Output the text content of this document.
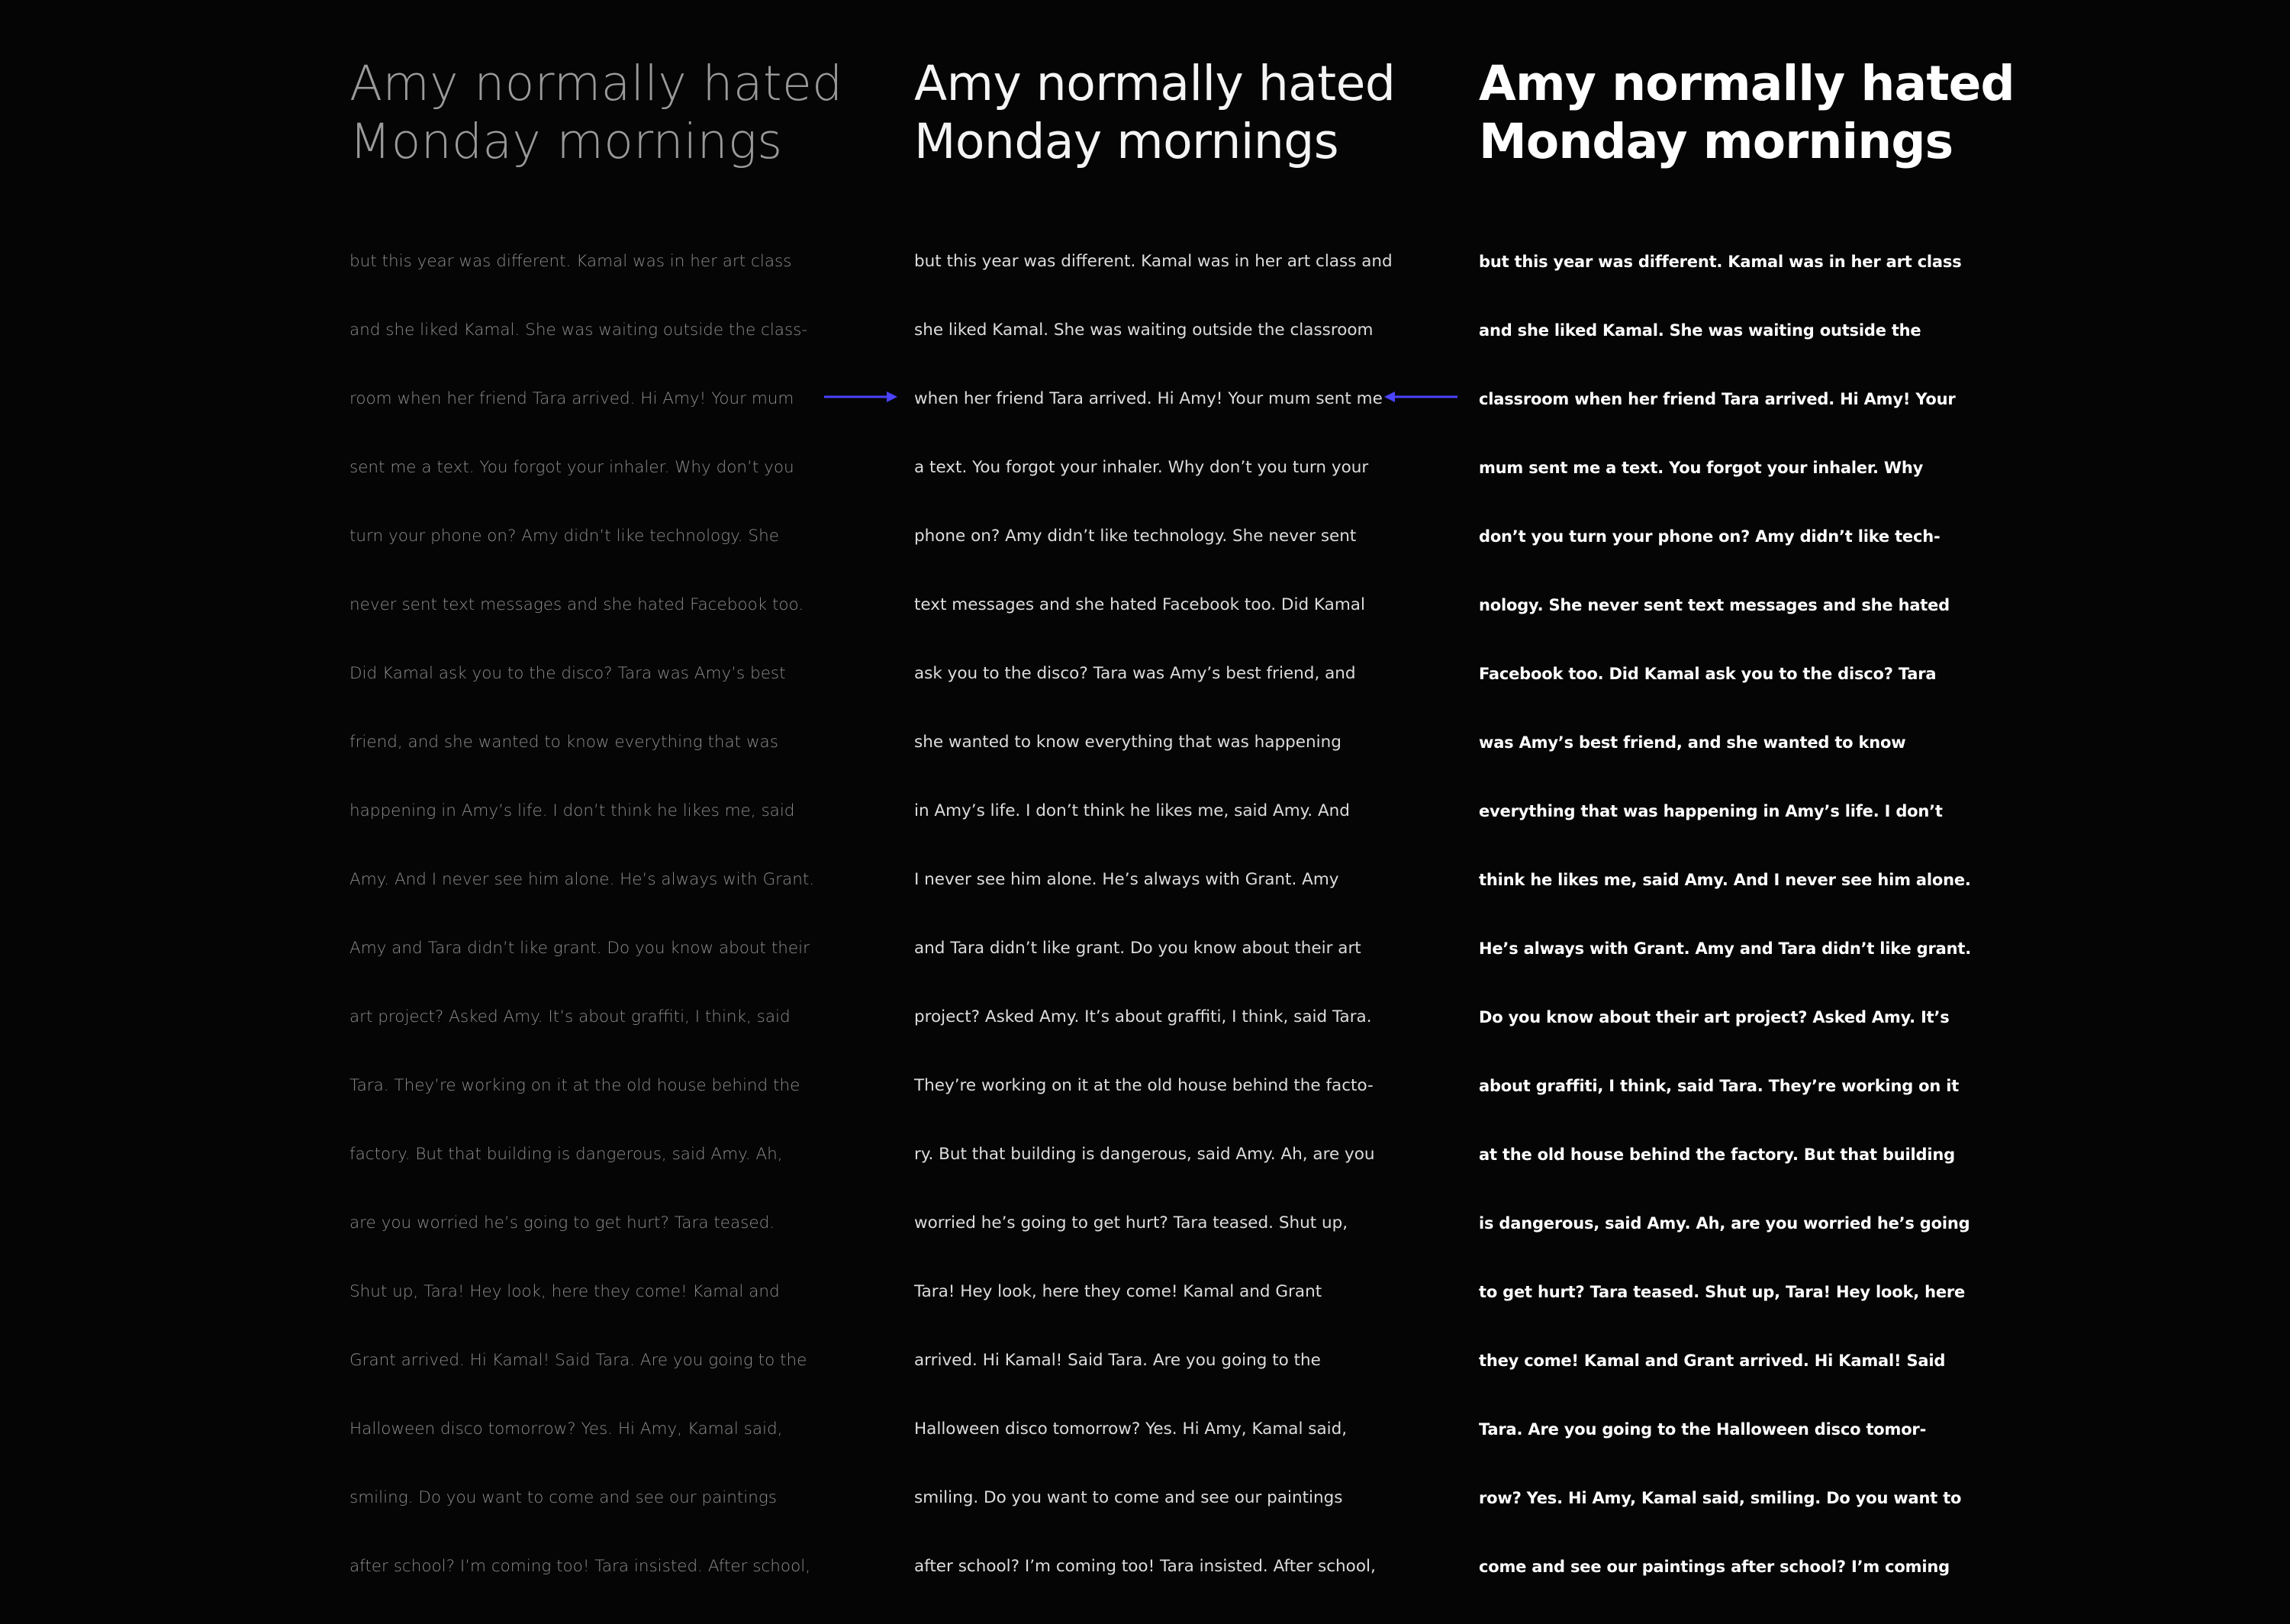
Amy normally hated
Monday mornings

but this year was different. Kamal was in her art class

and she liked Kamal. She was waiting outside the class-

room when her friend Tara arrived. Hi Amy! Your mum

sent me a text. You forgot your inhaler. Why don’t you

turn your phone on? Amy didn’t like technology. She

never sent text messages and she hated Facebook too.

Did Kamal ask you to the disco? Tara was Amy’s best

friend, and she wanted to know everything that was

happening in Amy’s life. I don’t think he likes me, said

Amy. And I never see him alone. He’s always with Grant.

Amy and Tara didn’t like grant. Do you know about their

art project? Asked Amy. It’s about graffiti, I think, said

Tara. They’re working on it at the old house behind the

factory. But that building is dangerous, said Amy. Ah,

are you worried he’s going to get hurt? Tara teased.

Shut up, Tara! Hey look, here they come! Kamal and

Grant arrived. Hi Kamal! Said Tara. Are you going to the

Halloween disco tomorrow? Yes. Hi Amy, Kamal said,

smiling. Do you want to come and see our paintings

after school? I’m coming too! Tara insisted. After school,

Amy normally hated
Monday mornings

but this year was different. Kamal was in her art class and

she liked Kamal. She was waiting outside the classroom

when her friend Tara arrived. Hi Amy! Your mum sent me

a text. You forgot your inhaler. Why don’t you turn your

phone on? Amy didn’t like technology. She never sent

text messages and she hated Facebook too. Did Kamal

ask you to the disco? Tara was Amy’s best friend, and

she wanted to know everything that was happening

in Amy’s life. I don’t think he likes me, said Amy. And

I never see him alone. He’s always with Grant. Amy

and Tara didn’t like grant. Do you know about their art

project? Asked Amy. It’s about graffiti, I think, said Tara.

They’re working on it at the old house behind the facto-

ry. But that building is dangerous, said Amy. Ah, are you

worried he’s going to get hurt? Tara teased. Shut up,

Tara! Hey look, here they come! Kamal and Grant

arrived. Hi Kamal! Said Tara. Are you going to the

Halloween disco tomorrow? Yes. Hi Amy, Kamal said,

smiling. Do you want to come and see our paintings

after school? I’m coming too! Tara insisted. After school,

Amy normally hated
Monday mornings

but this year was different. Kamal was in her art class

and she liked Kamal. She was waiting outside the

classroom when her friend Tara arrived. Hi Amy! Your

mum sent me a text. You forgot your inhaler. Why

don’t you turn your phone on? Amy didn’t like tech-

nology. She never sent text messages and she hated

Facebook too. Did Kamal ask you to the disco? Tara

was Amy’s best friend, and she wanted to know

everything that was happening in Amy’s life. I don’t

think he likes me, said Amy. And I never see him alone.

He’s always with Grant. Amy and Tara didn’t like grant.

Do you know about their art project? Asked Amy. It’s

about graffiti, I think, said Tara. They’re working on it

at the old house behind the factory. But that building

is dangerous, said Amy. Ah, are you worried he’s going

to get hurt? Tara teased. Shut up, Tara! Hey look, here

they come! Kamal and Grant arrived. Hi Kamal! Said

Tara. Are you going to the Halloween disco tomor-

row? Yes. Hi Amy, Kamal said, smiling. Do you want to

come and see our paintings after school? I’m coming
